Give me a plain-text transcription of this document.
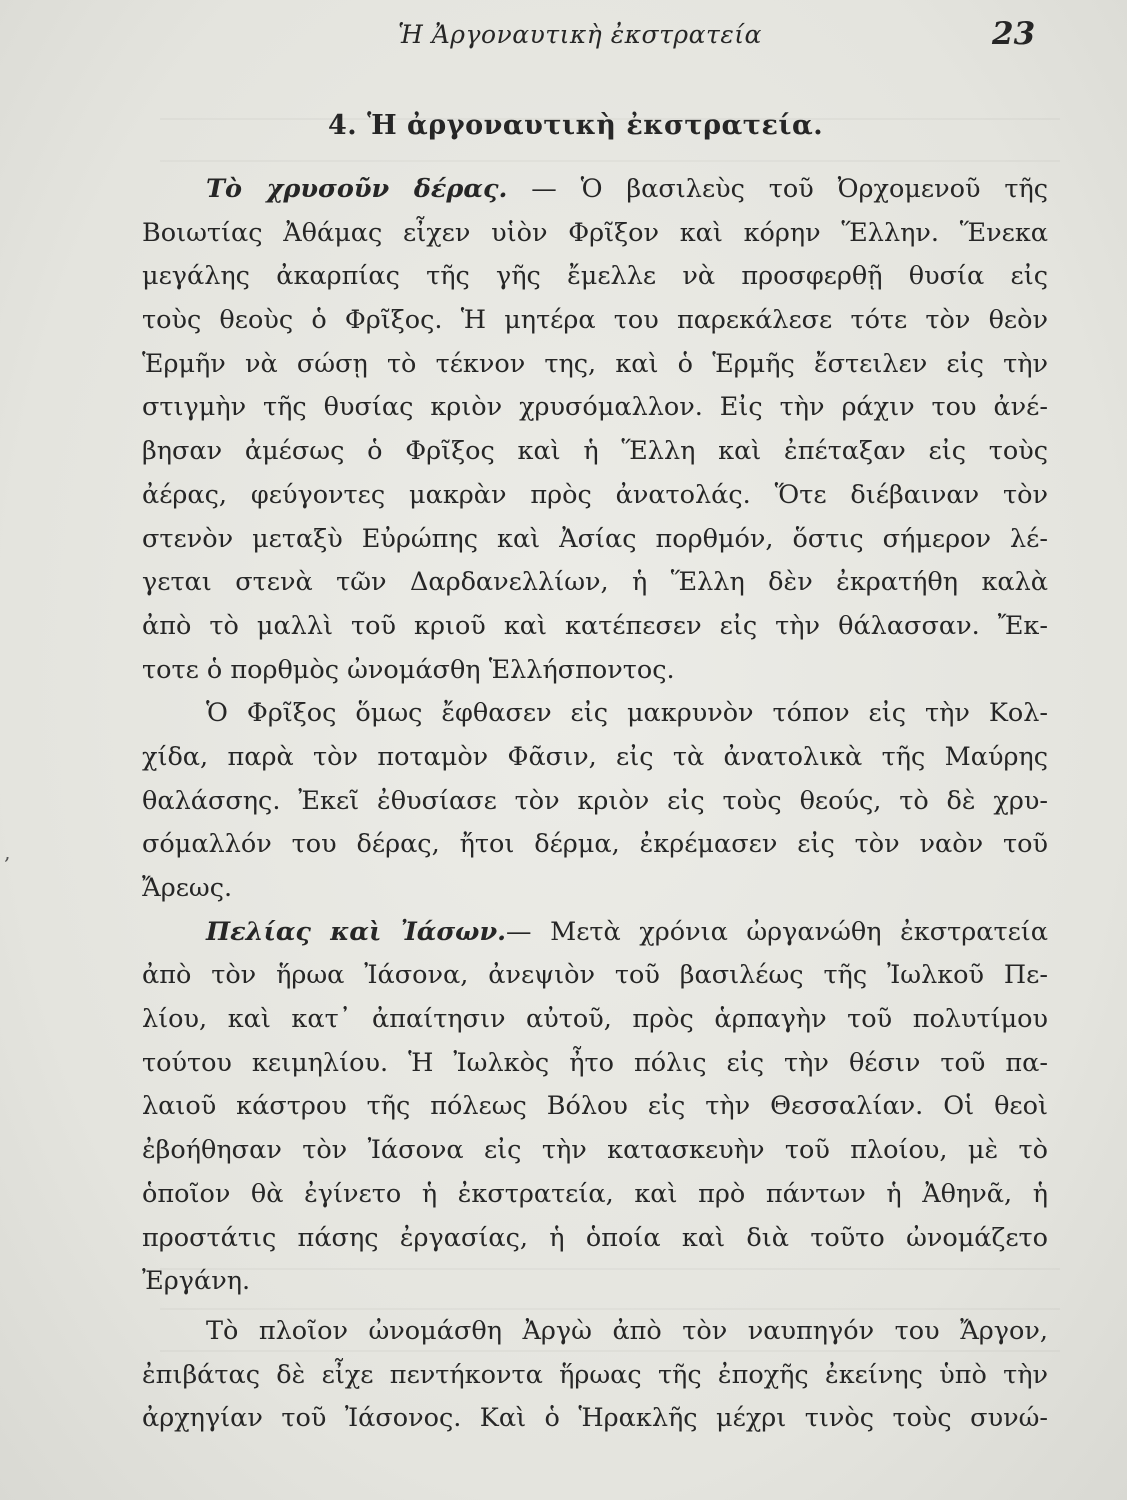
Ἡ Ἀργοναυτικὴ ἐκστρατεία	23
4. Ἡ ἀργοναυτικὴ ἐκστρατεία.
Τὸ χρυσοῦν δέρας. — Ὁ βασιλεὺς τοῦ Ὀρχομενοῦ τῆς
Βοιωτίας Ἀθάμας εἶχεν υἱὸν Φρῖξον καὶ κόρην Ἕλλην. Ἕνεκα
μεγάλης ἀκαρπίας τῆς γῆς ἔμελλε νὰ προσφερθῇ θυσία εἰς
τοὺς θεοὺς ὁ Φρῖξος. Ἡ μητέρα του παρεκάλεσε τότε τὸν θεὸν
Ἑρμῆν νὰ σώσῃ τὸ τέκνον της, καὶ ὁ Ἑρμῆς ἔστειλεν εἰς τὴν
στιγμὴν τῆς θυσίας κριὸν χρυσόμαλλον. Εἰς τὴν ράχιν του ἀνέ-
βησαν ἀμέσως ὁ Φρῖξος καὶ ἡ Ἕλλη καὶ ἐπέταξαν εἰς τοὺς
ἀέρας, φεύγοντες μακρὰν πρὸς ἀνατολάς. Ὅτε διέβαιναν τὸν
στενὸν μεταξὺ Εὐρώπης καὶ Ἀσίας πορθμόν, ὅστις σήμερον λέ-
γεται στενὰ τῶν Δαρδανελλίων, ἡ Ἕλλη δὲν ἐκρατήθη καλὰ
ἀπὸ τὸ μαλλὶ τοῦ κριοῦ καὶ κατέπεσεν εἰς τὴν θάλασσαν. Ἔκ-
τοτε ὁ πορθμὸς ὠνομάσθη Ἑλλήσποντος.
Ὁ Φρῖξος ὅμως ἔφθασεν εἰς μακρυνὸν τόπον εἰς τὴν Κολ-
χίδα, παρὰ τὸν ποταμὸν Φᾶσιν, εἰς τὰ ἀνατολικὰ τῆς Μαύρης
θαλάσσης. Ἐκεῖ ἐθυσίασε τὸν κριὸν εἰς τοὺς θεούς, τὸ δὲ χρυ-
σόμαλλόν του δέρας, ἤτοι δέρμα, ἐκρέμασεν εἰς τὸν ναὸν τοῦ
Ἄρεως.
Πελίας καὶ Ἰάσων.— Μετὰ χρόνια ὠργανώθη ἐκστρατεία
ἀπὸ τὸν ἥρωα Ἰάσονα, ἀνεψιὸν τοῦ βασιλέως τῆς Ἰωλκοῦ Πε-
λίου, καὶ κατ᾽ ἀπαίτησιν αὐτοῦ, πρὸς ἁρπαγὴν τοῦ πολυτίμου
τούτου κειμηλίου. Ἡ Ἰωλκὸς ἦτο πόλις εἰς τὴν θέσιν τοῦ πα-
λαιοῦ κάστρου τῆς πόλεως Βόλου εἰς τὴν Θεσσαλίαν. Οἱ θεοὶ
ἐβοήθησαν τὸν Ἰάσονα εἰς τὴν κατασκευὴν τοῦ πλοίου, μὲ τὸ
ὁποῖον θὰ ἐγίνετο ἡ ἐκστρατεία, καὶ πρὸ πάντων ἡ Ἀθηνᾶ, ἡ
προστάτις πάσης ἐργασίας, ἡ ὁποία καὶ διὰ τοῦτο ὠνομάζετο
Ἐργάνη.
Τὸ πλοῖον ὠνομάσθη Ἀργὼ ἀπὸ τὸν ναυπηγόν του Ἄργον,
ἐπιβάτας δὲ εἶχε πεντήκοντα ἥρωας τῆς ἐποχῆς ἐκείνης ὑπὸ τὴν
ἀρχηγίαν τοῦ Ἰάσονος. Καὶ ὁ Ἡρακλῆς μέχρι τινὸς τοὺς συνώ-
‚
